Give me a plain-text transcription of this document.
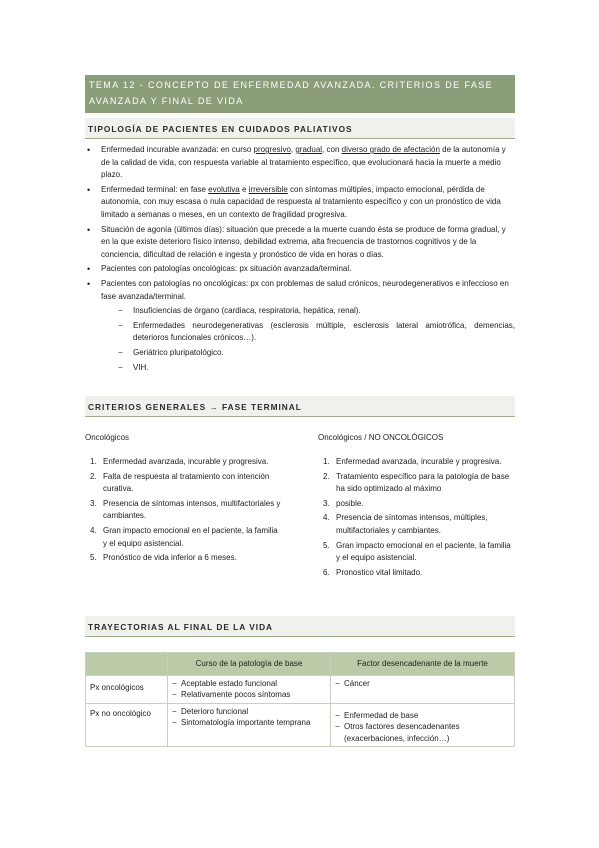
TEMA 12 - CONCEPTO DE ENFERMEDAD AVANZADA. CRITERIOS DE FASE AVANZADA Y FINAL DE VIDA
TIPOLOGÍA DE PACIENTES EN CUIDADOS PALIATIVOS
• Enfermedad incurable avanzada: en curso progresivo, gradual, con diverso grado de afectación de la autonomía y de la calidad de vida, con respuesta variable al tratamiento específico, que evolucionará hacia la muerte a medio plazo.
• Enfermedad terminal: en fase evolutiva e irreversible con síntomas múltiples, impacto emocional, pérdida de autonomía, con muy escasa o nula capacidad de respuesta al tratamiento específico y con un pronóstico de vida limitado a semanas o meses, en un contexto de fragilidad progresiva.
• Situación de agonía (últimos días): situación que precede a la muerte cuando ésta se produce de forma gradual, y en la que existe deterioro físico intenso, debilidad extrema, alta frecuencia de trastornos cognitivos y de la conciencia, dificultad de relación e ingesta y pronóstico de vida en horas o días.
• Pacientes con patologías oncológicas: px situación avanzada/terminal.
• Pacientes con patologías no oncológicas: px con problemas de salud crónicos, neurodegenerativos e infeccioso en fase avanzada/terminal.
− Insuficiencias de órgano (cardiaca, respiratoria, hepática, renal).
− Enfermedades neurodegenerativas (esclerosis múltiple, esclerosis lateral amiotrófica, demencias, deterioros funcionales crónicos…).
− Geriátrico pluripatológico.
− VIH.
CRITERIOS GENERALES → FASE TERMINAL
Oncológicos
1. Enfermedad avanzada, incurable y progresiva.
2. Falta de respuesta al tratamiento con intención curativa.
3. Presencia de síntomas intensos, multifactoriales y cambiantes.
4. Gran impacto emocional en el paciente, la familia y el equipo asistencial.
5. Pronóstico de vida inferior a 6 meses.
Oncológicos / NO ONCOLÓGICOS
1. Enfermedad avanzada, incurable y progresiva.
2. Tratamiento específico para la patología de base ha sido optimizado al máximo
3. posible.
4. Presencia de síntomas intensos, múltiples, multifactoriales y cambiantes.
5. Gran impacto emocional en el paciente, la familia y el equipo asistencial.
6. Pronostico vital limitado.
TRAYECTORIAS AL FINAL DE LA VIDA
	Curso de la patología de base	Factor desencadenante de la muerte
Px oncológicos	− Aceptable estado funcional
− Relativamente pocos síntomas	− Cáncer

Px no oncológico	− Deterioro funcional
− Sintomatología importante temprana	− Enfermedad de base
− Otros factores desencadenantes (exacerbaciones, infección…)
